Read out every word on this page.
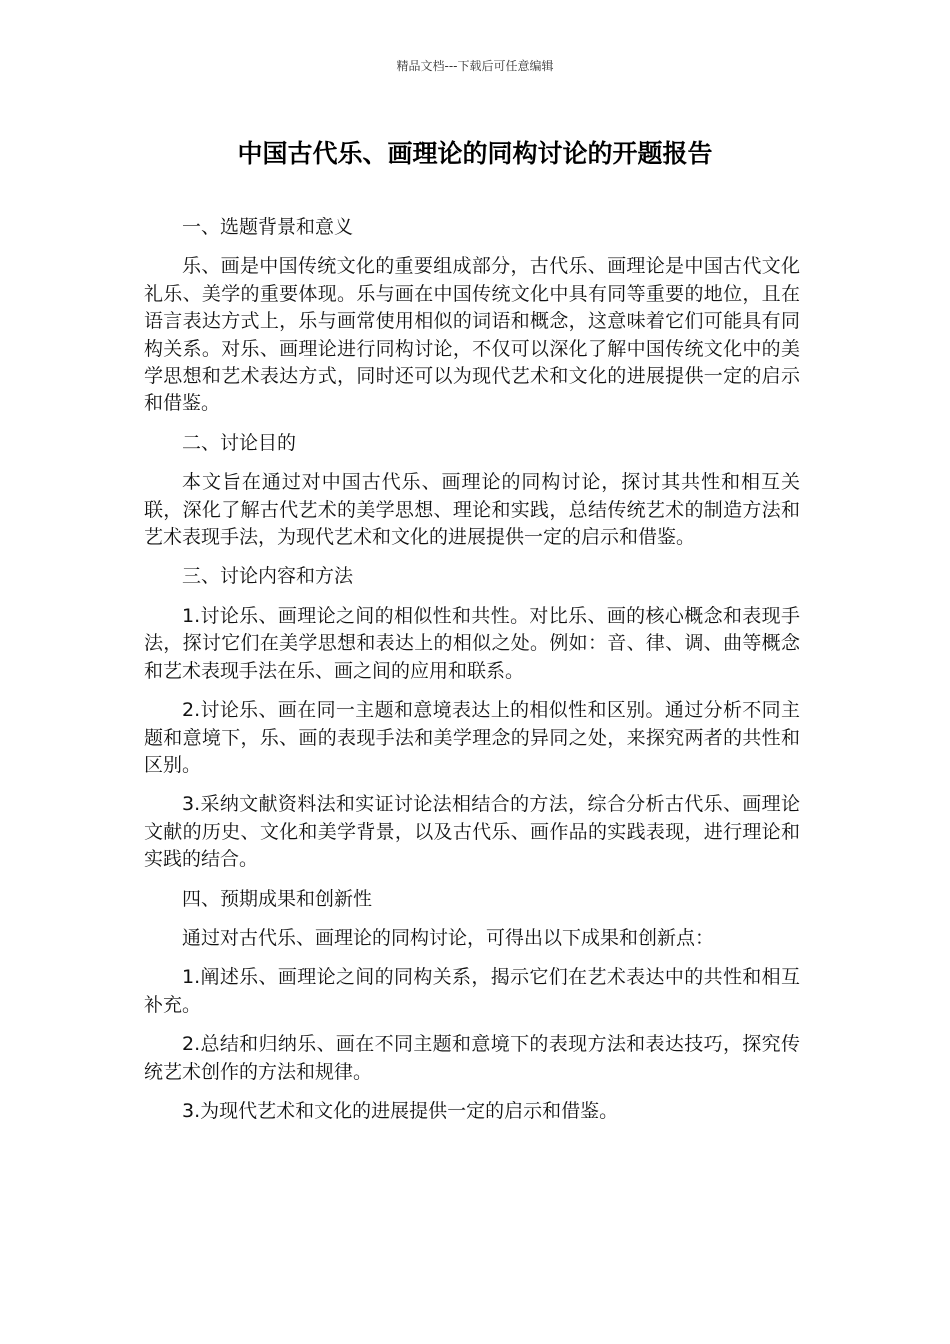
精品文档---下载后可任意编辑
中国古代乐、画理论的同构讨论的开题报告

一、选题背景和意义

乐、画是中国传统文化的重要组成部分，古代乐、画理论是中国古代文化礼乐、美学的重要体现。乐与画在中国传统文化中具有同等重要的地位，且在语言表达方式上，乐与画常使用相似的词语和概念，这意味着它们可能具有同构关系。对乐、画理论进行同构讨论，不仅可以深化了解中国传统文化中的美学思想和艺术表达方式，同时还可以为现代艺术和文化的进展提供一定的启示和借鉴。

二、讨论目的

本文旨在通过对中国古代乐、画理论的同构讨论，探讨其共性和相互关联，深化了解古代艺术的美学思想、理论和实践，总结传统艺术的制造方法和艺术表现手法，为现代艺术和文化的进展提供一定的启示和借鉴。

三、讨论内容和方法

1.讨论乐、画理论之间的相似性和共性。对比乐、画的核心概念和表现手法，探讨它们在美学思想和表达上的相似之处。例如：音、律、调、曲等概念和艺术表现手法在乐、画之间的应用和联系。

2.讨论乐、画在同一主题和意境表达上的相似性和区别。通过分析不同主题和意境下，乐、画的表现手法和美学理念的异同之处，来探究两者的共性和区别。

3.采纳文献资料法和实证讨论法相结合的方法，综合分析古代乐、画理论文献的历史、文化和美学背景，以及古代乐、画作品的实践表现，进行理论和实践的结合。

四、预期成果和创新性

通过对古代乐、画理论的同构讨论，可得出以下成果和创新点：

1.阐述乐、画理论之间的同构关系，揭示它们在艺术表达中的共性和相互补充。

2.总结和归纳乐、画在不同主题和意境下的表现方法和表达技巧，探究传统艺术创作的方法和规律。

3.为现代艺术和文化的进展提供一定的启示和借鉴。
